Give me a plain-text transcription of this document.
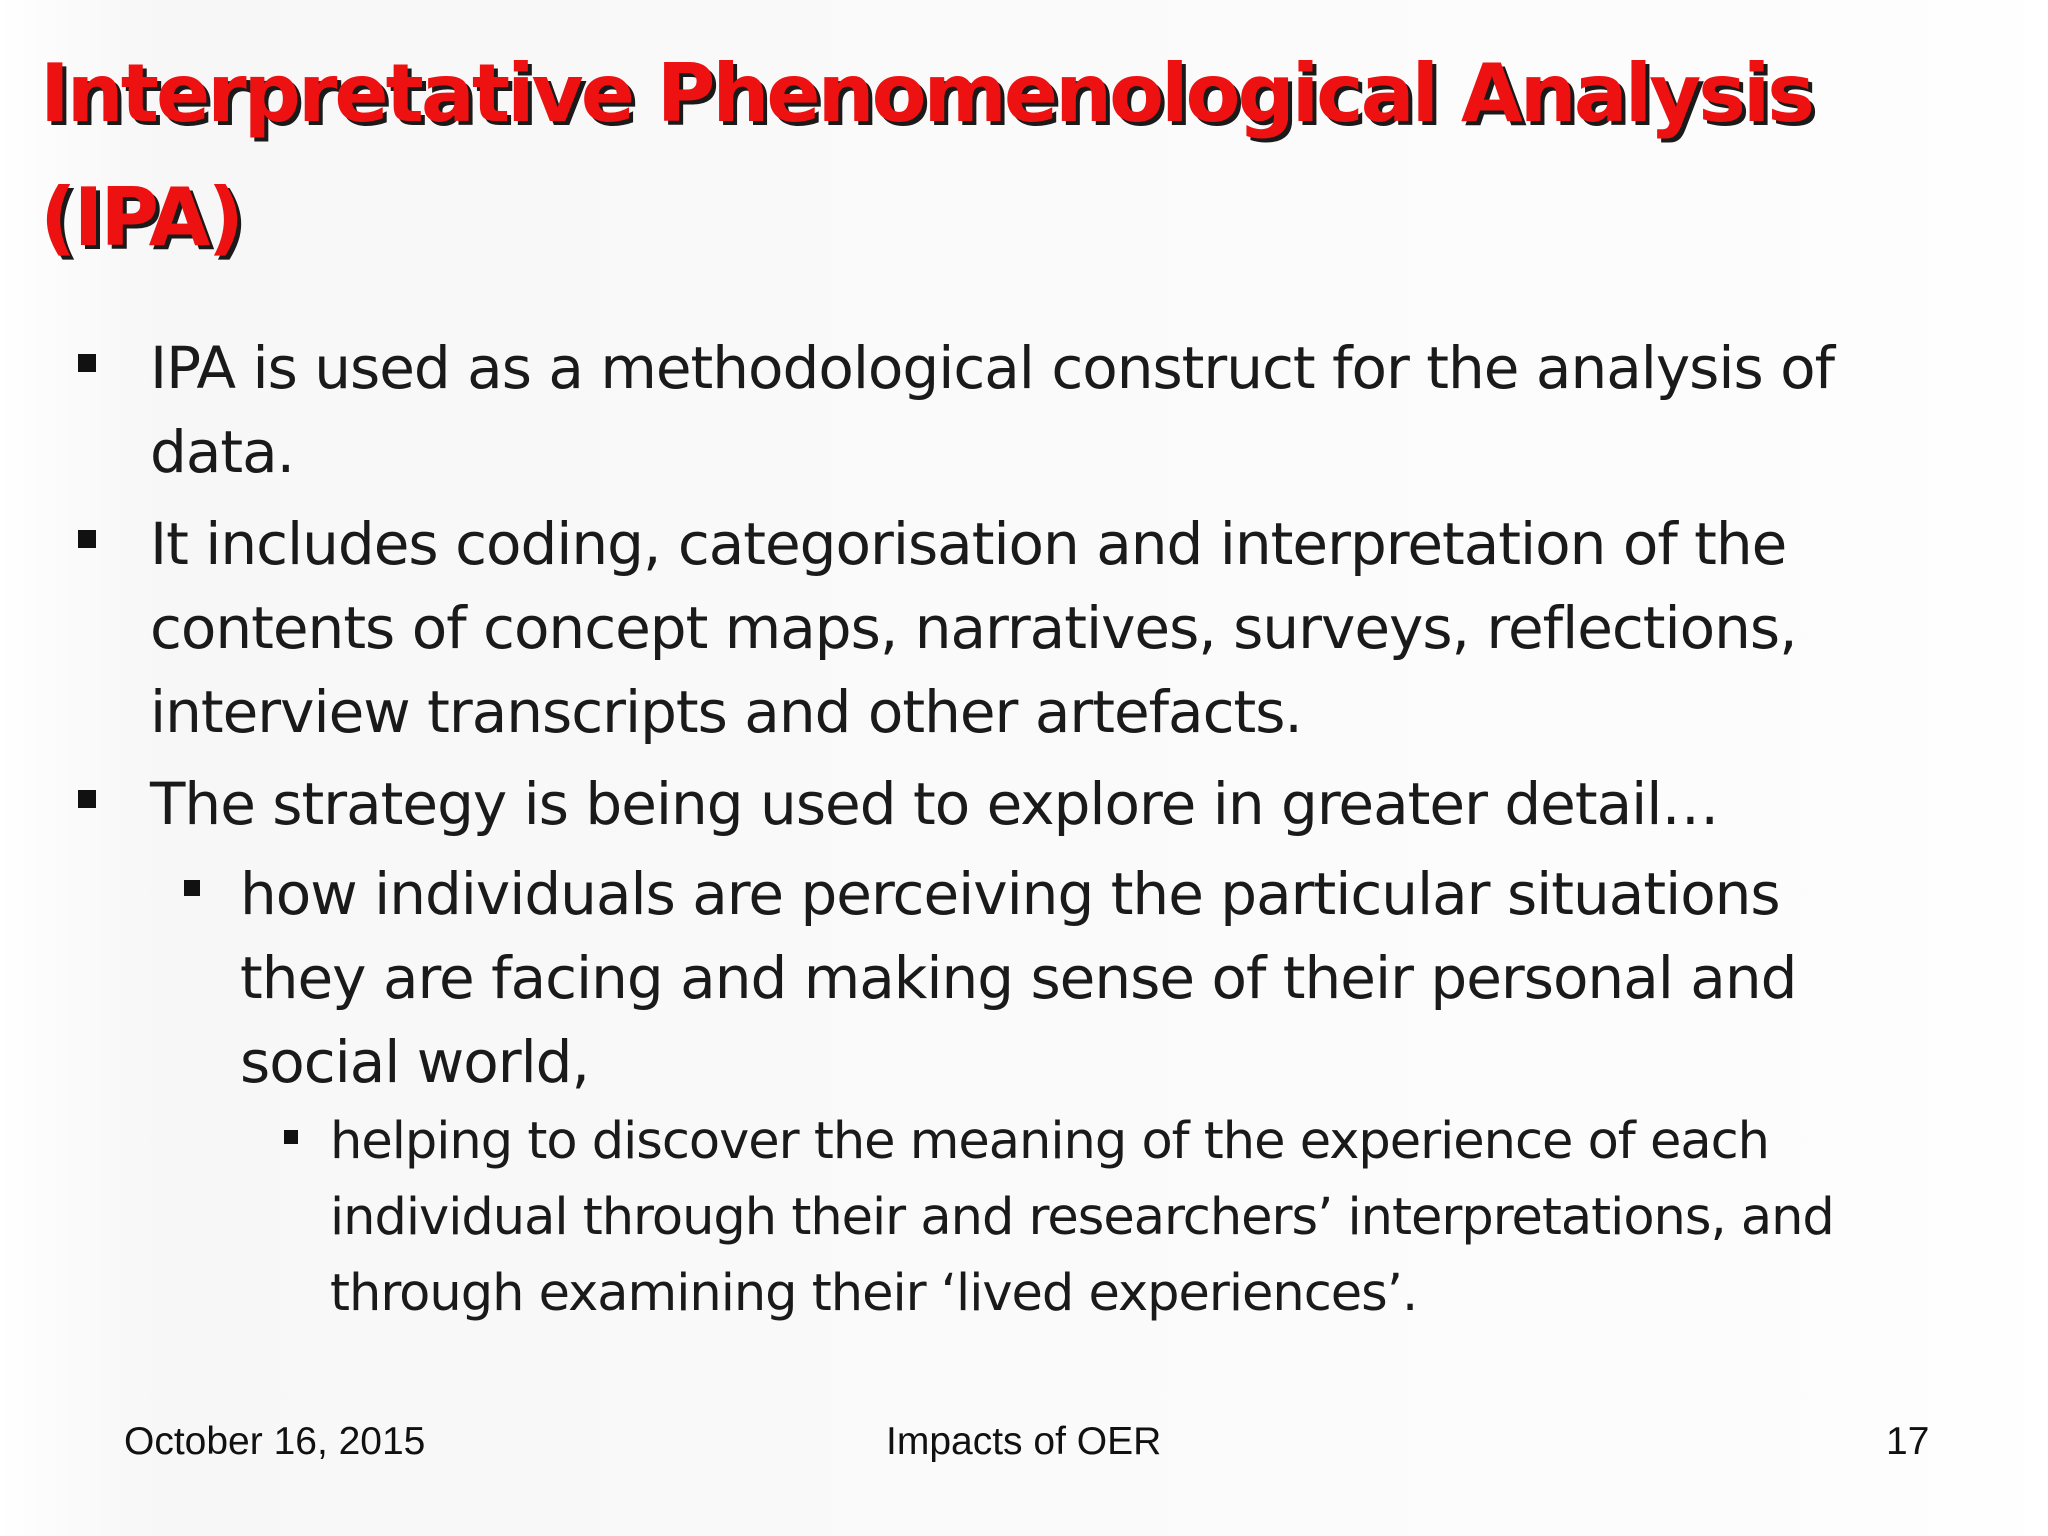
Interpretative Phenomenological Analysis
(IPA)

IPA is used as a methodological construct for the analysis of data.

It includes coding, categorisation and interpretation of the contents of concept maps, narratives, surveys, reflections, interview transcripts and other artefacts.

The strategy is being used to explore in greater detail…

how individuals are perceiving the particular situations they are facing and making sense of their personal and social world,

helping to discover the meaning of the experience of each individual through their and researchers’ interpretations, and through examining their ‘lived experiences’.

October 16, 2015	Impacts of OER	17
